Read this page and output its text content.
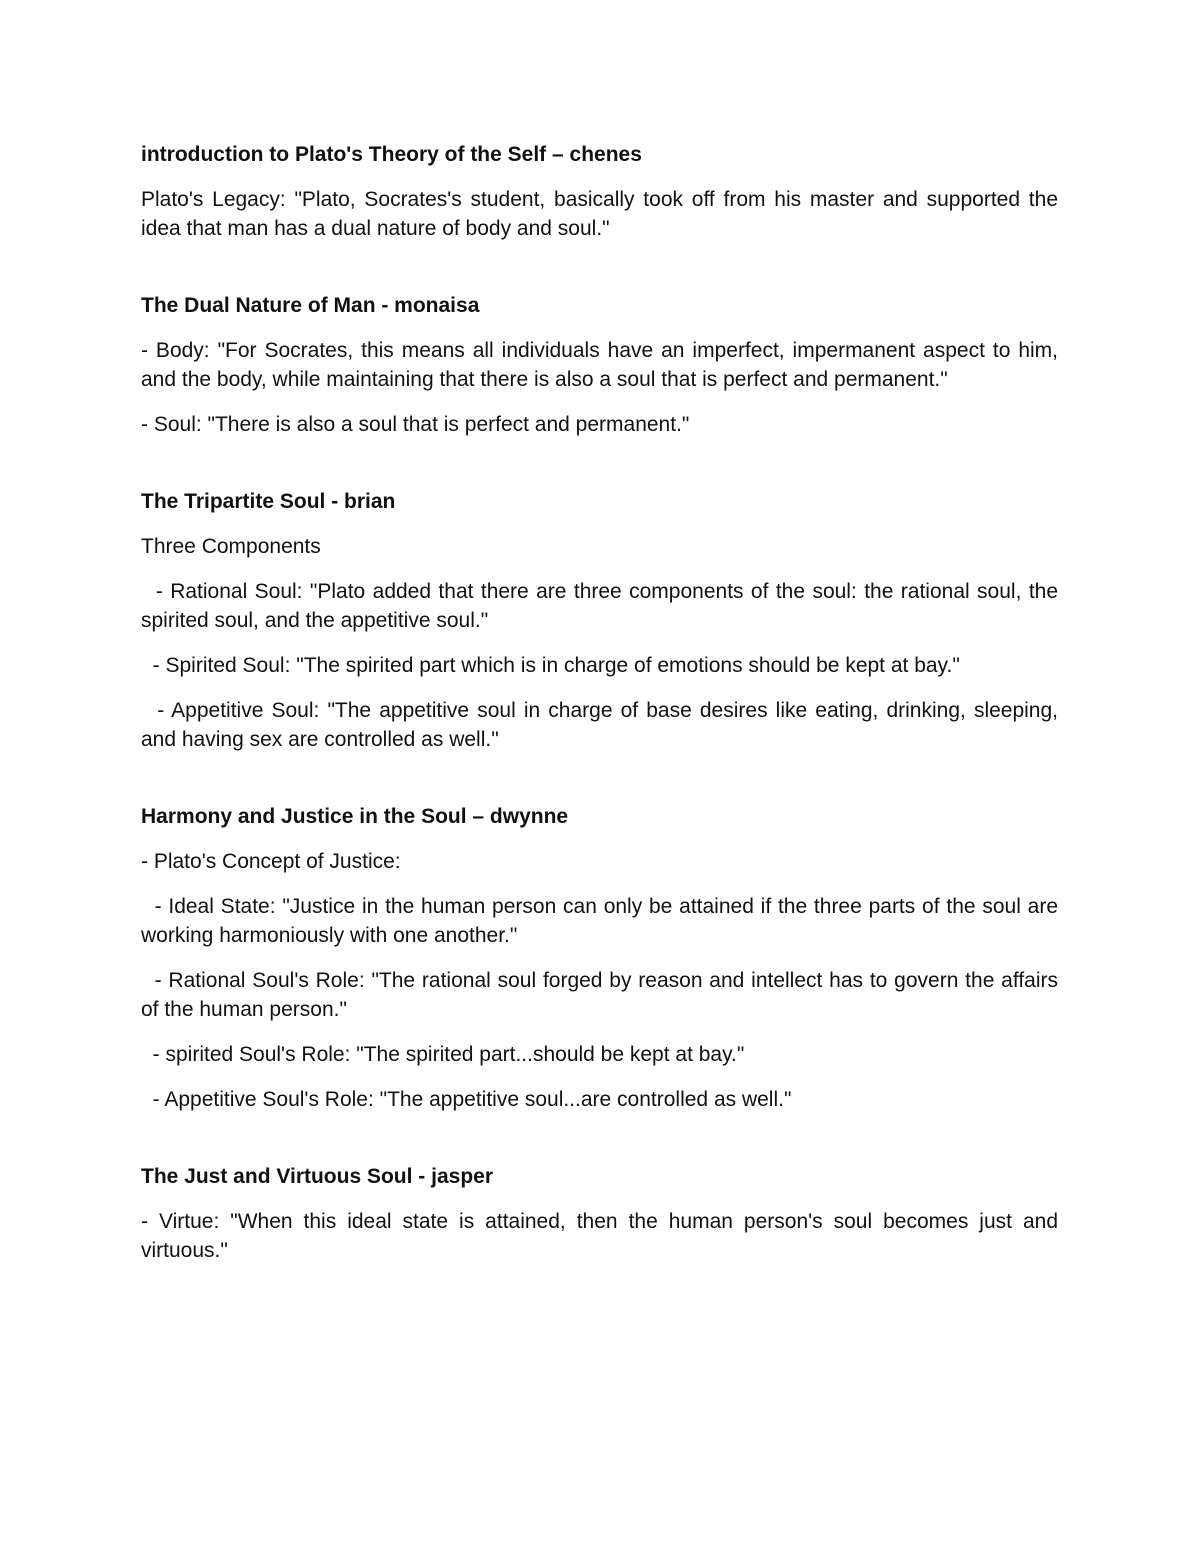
introduction to Plato's Theory of the Self – chenes
Plato's Legacy: "Plato, Socrates's student, basically took off from his master and supported the idea that man has a dual nature of body and soul."
The Dual Nature of Man - monaisa
- Body: "For Socrates, this means all individuals have an imperfect, impermanent aspect to him, and the body, while maintaining that there is also a soul that is perfect and permanent."
- Soul: "There is also a soul that is perfect and permanent."
The Tripartite Soul - brian
Three Components
- Rational Soul: "Plato added that there are three components of the soul: the rational soul, the spirited soul, and the appetitive soul."
- Spirited Soul: "The spirited part which is in charge of emotions should be kept at bay."
- Appetitive Soul: "The appetitive soul in charge of base desires like eating, drinking, sleeping, and having sex are controlled as well."
Harmony and Justice in the Soul – dwynne
- Plato's Concept of Justice:
- Ideal State: "Justice in the human person can only be attained if the three parts of the soul are working harmoniously with one another."
- Rational Soul's Role: "The rational soul forged by reason and intellect has to govern the affairs of the human person."
- spirited Soul's Role: "The spirited part...should be kept at bay."
- Appetitive Soul's Role: "The appetitive soul...are controlled as well."
The Just and Virtuous Soul - jasper
- Virtue: "When this ideal state is attained, then the human person's soul becomes just and virtuous."
